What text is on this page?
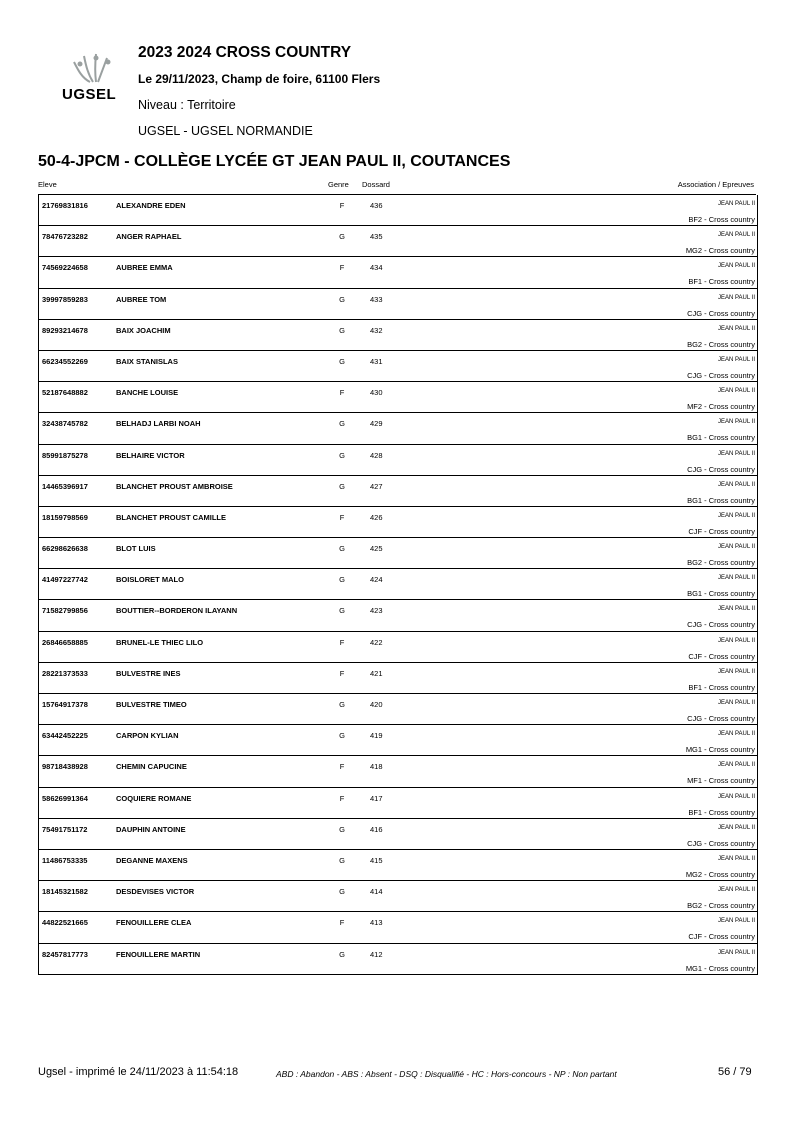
UGSEL
2023 2024 CROSS COUNTRY
Le 29/11/2023, Champ de foire, 61100 Flers
Niveau : Territoire
UGSEL - UGSEL NORMANDIE
50-4-JPCM - COLLÈGE LYCÉE GT JEAN PAUL II, COUTANCES
Eleve	Genre Dossard	Association / Epreuves
21769831816	ALEXANDRE EDEN	F	436	JEAN PAUL II
BF2 - Cross country
78476723282	ANGER RAPHAEL	G	435	JEAN PAUL II
MG2 - Cross country
74569224658	AUBREE EMMA	F	434	JEAN PAUL II
BF1 - Cross country
39997859283	AUBREE TOM	G	433	JEAN PAUL II
CJG - Cross country
89293214678	BAIX JOACHIM	G	432	JEAN PAUL II
BG2 - Cross country
66234552269	BAIX STANISLAS	G	431	JEAN PAUL II
CJG - Cross country
52187648882	BANCHE LOUISE	F	430	JEAN PAUL II
MF2 - Cross country
32438745782	BELHADJ LARBI NOAH	G	429	JEAN PAUL II
BG1 - Cross country
85991875278	BELHAIRE VICTOR	G	428	JEAN PAUL II
CJG - Cross country
14465396917	BLANCHET PROUST AMBROISE	G	427	JEAN PAUL II
BG1 - Cross country
18159798569	BLANCHET PROUST CAMILLE	F	426	JEAN PAUL II
CJF - Cross country
66298626638	BLOT LUIS	G	425	JEAN PAUL II
BG2 - Cross country
41497227742	BOISLORET MALO	G	424	JEAN PAUL II
BG1 - Cross country
71582799856	BOUTTIER--BORDERON ILAYANN	G	423	JEAN PAUL II
CJG - Cross country
26846658885	BRUNEL-LE THIEC LILO	F	422	JEAN PAUL II
CJF - Cross country
28221373533	BULVESTRE INES	F	421	JEAN PAUL II
BF1 - Cross country
15764917378	BULVESTRE TIMEO	G	420	JEAN PAUL II
CJG - Cross country
63442452225	CARPON KYLIAN	G	419	JEAN PAUL II
MG1 - Cross country
98718438928	CHEMIN CAPUCINE	F	418	JEAN PAUL II
MF1 - Cross country
58626991364	COQUIERE ROMANE	F	417	JEAN PAUL II
BF1 - Cross country
75491751172	DAUPHIN ANTOINE	G	416	JEAN PAUL II
CJG - Cross country
11486753335	DEGANNE MAXENS	G	415	JEAN PAUL II
MG2 - Cross country
18145321582	DESDEVISES VICTOR	G	414	JEAN PAUL II
BG2 - Cross country
44822521665	FENOUILLERE CLEA	F	413	JEAN PAUL II
CJF - Cross country
82457817773	FENOUILLERE MARTIN	G	412	JEAN PAUL II
MG1 - Cross country
Ugsel - imprimé le 24/11/2023 à 11:54:18	ABD : Abandon - ABS : Absent - DSQ : Disqualifié - HC : Hors-concours - NP : Non partant	56 / 79
